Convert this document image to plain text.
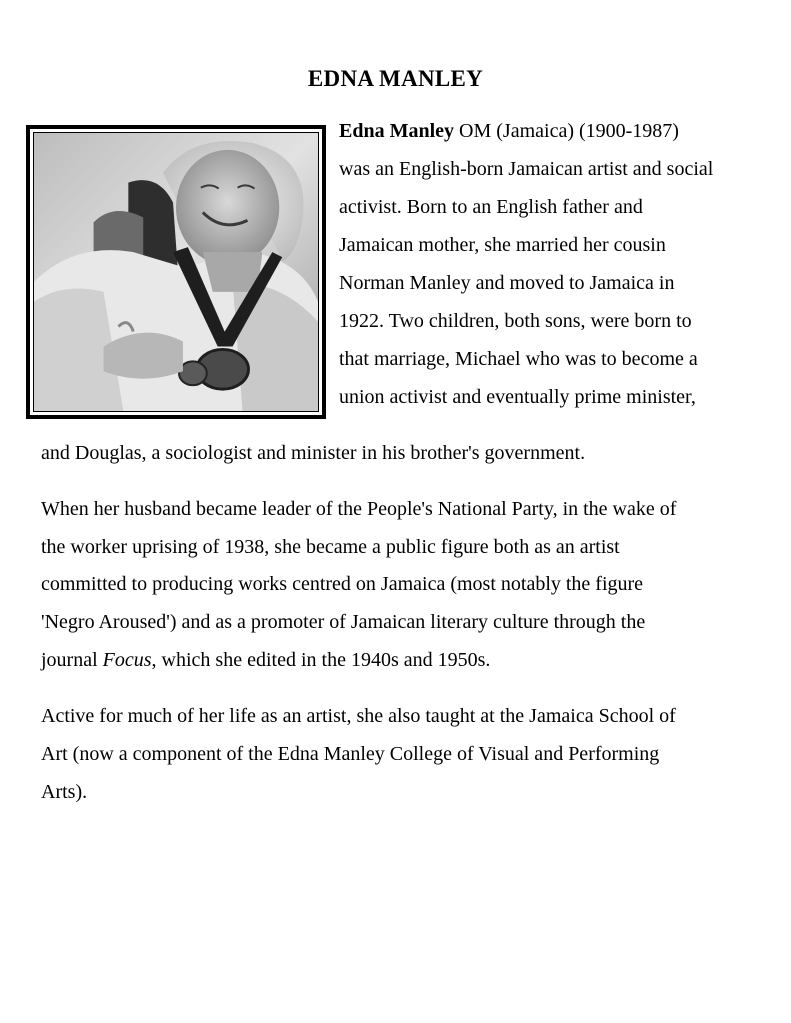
EDNA MANLEY
Edna Manley OM (Jamaica) (1900-1987)
was an English-born Jamaican artist and social
activist. Born to an English father and
Jamaican mother, she married her cousin
Norman Manley and moved to Jamaica in
1922. Two children, both sons, were born to
that marriage, Michael who was to become a
union activist and eventually prime minister,
and Douglas, a sociologist and minister in his brother's government.
When her husband became leader of the People's National Party, in the wake of
the worker uprising of 1938, she became a public figure both as an artist
committed to producing works centred on Jamaica (most notably the figure
'Negro Aroused') and as a promoter of Jamaican literary culture through the
journal Focus, which she edited in the 1940s and 1950s.
Active for much of her life as an artist, she also taught at the Jamaica School of
Art (now a component of the Edna Manley College of Visual and Performing
Arts).
